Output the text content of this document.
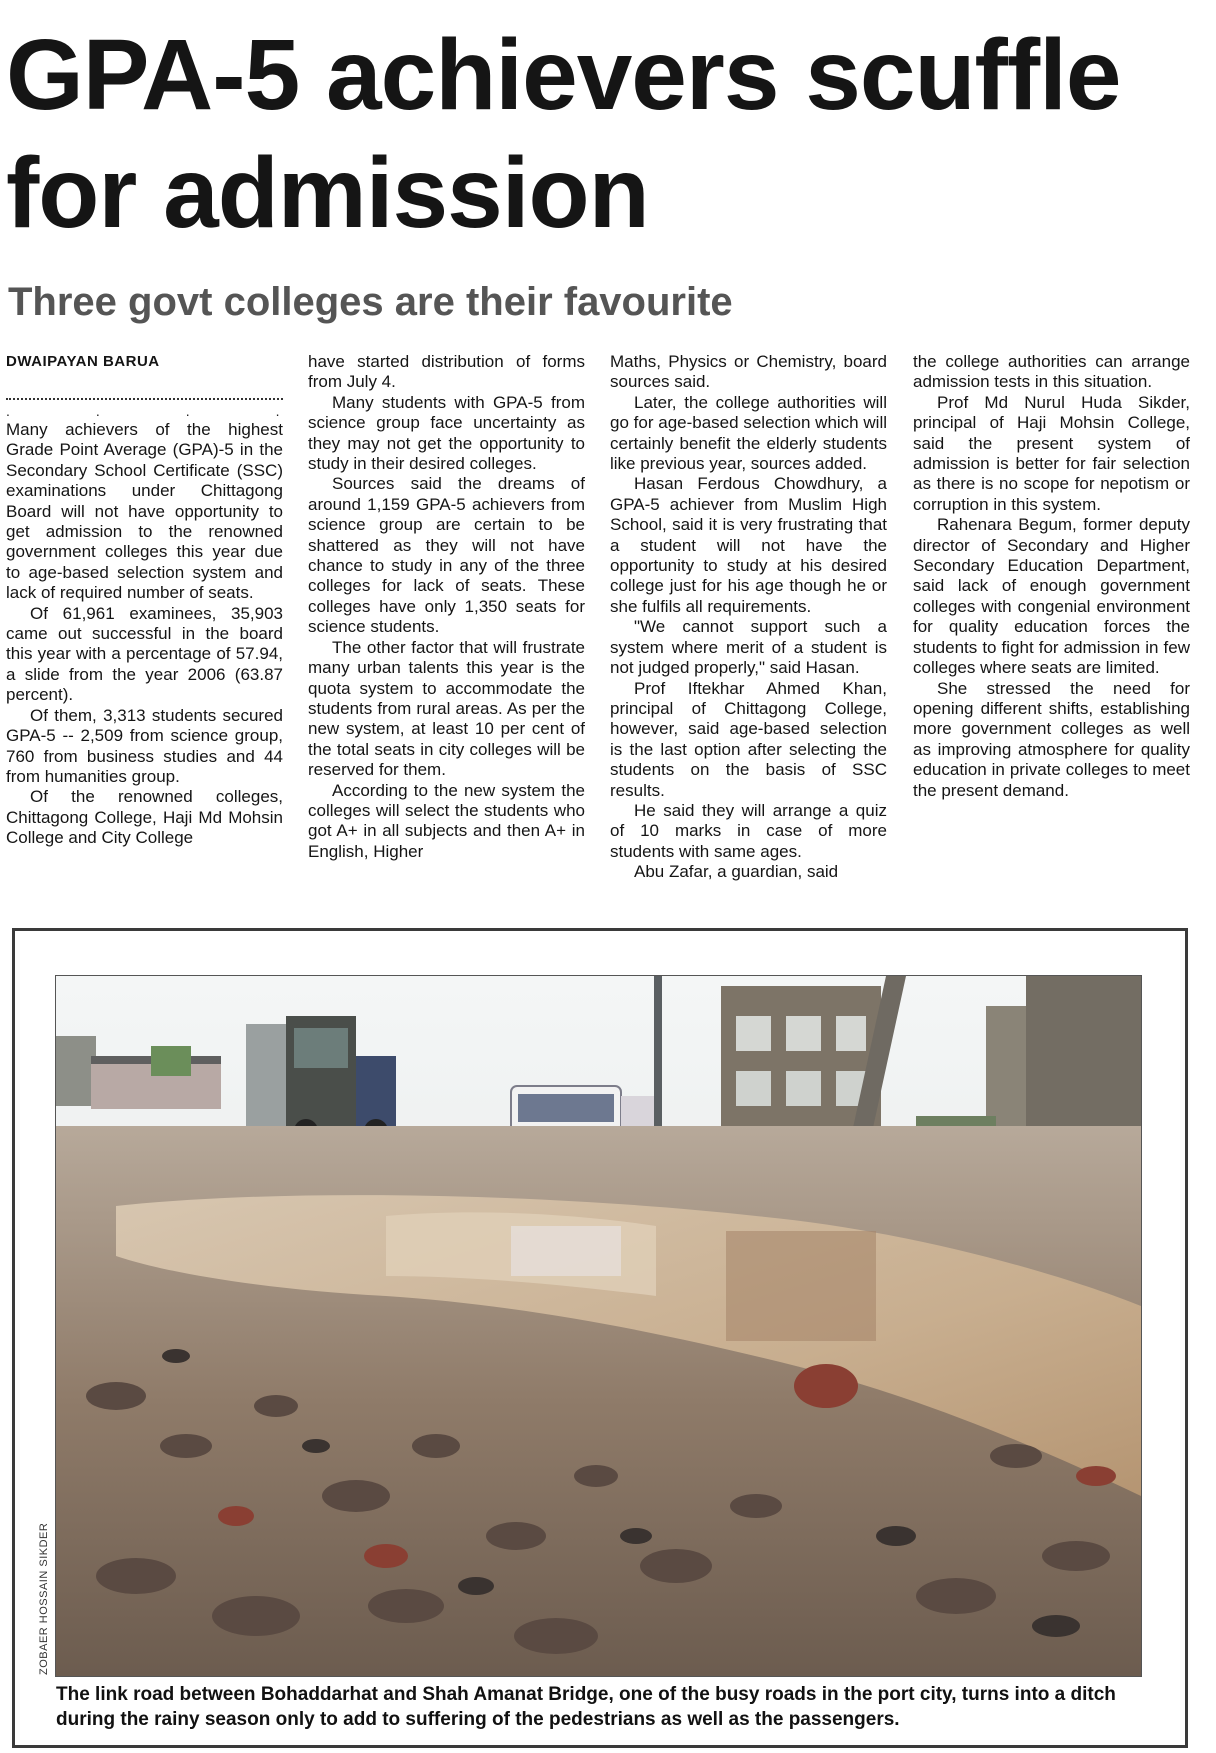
GPA-5 achievers scuffle
for admission
Three govt colleges are their favourite

DWAIPAYAN BARUA

....

Many achievers of the highest Grade Point Average (GPA)-5 in the Secondary School Certificate (SSC) examinations under Chittagong Board will not have opportunity to get admission to the renowned government colleges this year due to age-based selection system and lack of required number of seats.

Of 61,961 examinees, 35,903 came out successful in the board this year with a percentage of 57.94, a slide from the year 2006 (63.87 percent).

Of them, 3,313 students secured GPA-5 -- 2,509 from science group, 760 from business studies and 44 from humanities group.

Of the renowned colleges, Chittagong College, Haji Md Mohsin College and City College

have started distribution of forms from July 4.

Many students with GPA-5 from science group face uncertainty as they may not get the opportunity to study in their desired colleges.

Sources said the dreams of around 1,159 GPA-5 achievers from science group are certain to be shattered as they will not have chance to study in any of the three colleges for lack of seats. These colleges have only 1,350 seats for science students.

The other factor that will frustrate many urban talents this year is the quota system to accommodate the students from rural areas. As per the new system, at least 10 per cent of the total seats in city colleges will be reserved for them.

According to the new system the colleges will select the students who got A+ in all subjects and then A+ in English, Higher

Maths, Physics or Chemistry, board sources said.

Later, the college authorities will go for age-based selection which will certainly benefit the elderly students like previous year, sources added.

Hasan Ferdous Chowdhury, a GPA-5 achiever from Muslim High School, said it is very frustrating that a student will not have the opportunity to study at his desired college just for his age though he or she fulfils all requirements.

"We cannot support such a system where merit of a student is not judged properly," said Hasan.

Prof Iftekhar Ahmed Khan, principal of Chittagong College, however, said age-based selection is the last option after selecting the students on the basis of SSC results.

He said they will arrange a quiz of 10 marks in case of more students with same ages.

Abu Zafar, a guardian, said

the college authorities can arrange admission tests in this situation.

Prof Md Nurul Huda Sikder, principal of Haji Mohsin College, said the present system of admission is better for fair selection as there is no scope for nepotism or corruption in this system.

Rahenara Begum, former deputy director of Secondary and Higher Secondary Education Department, said lack of enough government colleges with congenial environment for quality education forces the students to fight for admission in few colleges where seats are limited.

She stressed the need for opening different shifts, establishing more government colleges as well as improving atmosphere for quality education in private colleges to meet the present demand.

The link road between Bohaddarhat and Shah Amanat Bridge, one of the busy roads in the port city, turns into a ditch during the rainy season only to add to suffering of the pedestrians as well as the passengers.
